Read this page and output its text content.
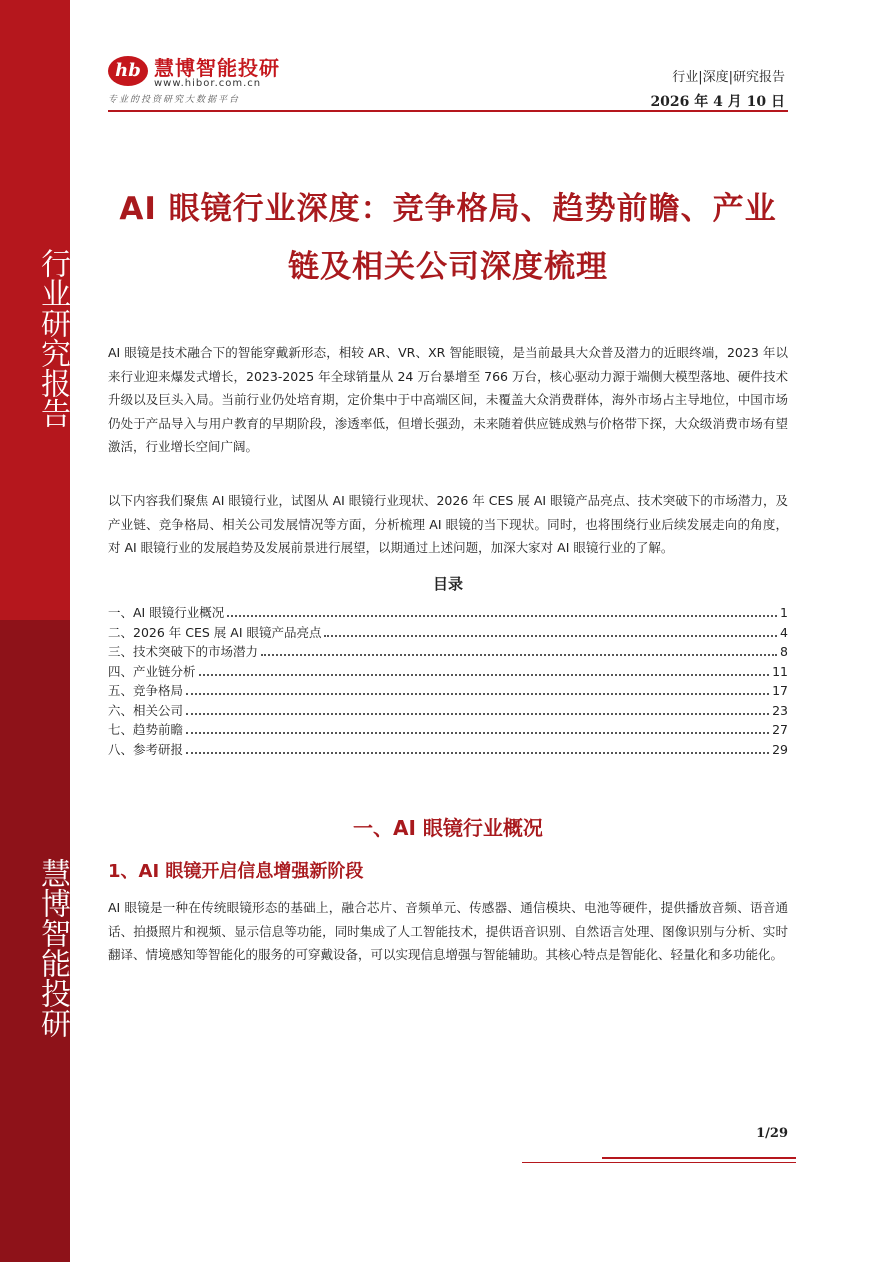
行业研究报告
慧博智能投研
hb 慧博智能投研
www.hibor.com.cn
专业的投资研究大数据平台
行业|深度|研究报告
2026 年 4 月 10 日
AI 眼镜行业深度：竞争格局、趋势前瞻、产业链及相关公司深度梳理
AI 眼镜是技术融合下的智能穿戴新形态，相较 AR、VR、XR 智能眼镜，是当前最具大众普及潜力的近眼终端，2023 年以来行业迎来爆发式增长，2023-2025 年全球销量从 24 万台暴增至 766 万台，核心驱动力源于端侧大模型落地、硬件技术升级以及巨头入局。当前行业仍处培育期，定价集中于中高端区间，未覆盖大众消费群体，海外市场占主导地位，中国市场仍处于产品导入与用户教育的早期阶段，渗透率低，但增长强劲，未来随着供应链成熟与价格带下探，大众级消费市场有望激活，行业增长空间广阔。
以下内容我们聚焦 AI 眼镜行业，试图从 AI 眼镜行业现状、2026 年 CES 展 AI 眼镜产品亮点、技术突破下的市场潜力，及产业链、竞争格局、相关公司发展情况等方面，分析梳理 AI 眼镜的当下现状。同时，也将围绕行业后续发展走向的角度，对 AI 眼镜行业的发展趋势及发展前景进行展望，以期通过上述问题，加深大家对 AI 眼镜行业的了解。
目录
一、AI 眼镜行业概况	1
二、2026 年 CES 展 AI 眼镜产品亮点	4
三、技术突破下的市场潜力	8
四、产业链分析	11
五、竞争格局	17
六、相关公司	23
七、趋势前瞻	27
八、参考研报	29
一、AI 眼镜行业概况
1、AI 眼镜开启信息增强新阶段
AI 眼镜是一种在传统眼镜形态的基础上，融合芯片、音频单元、传感器、通信模块、电池等硬件，提供播放音频、语音通话、拍摄照片和视频、显示信息等功能，同时集成了人工智能技术，提供语音识别、自然语言处理、图像识别与分析、实时翻译、情境感知等智能化的服务的可穿戴设备，可以实现信息增强与智能辅助。其核心特点是智能化、轻量化和多功能化。
1/29
